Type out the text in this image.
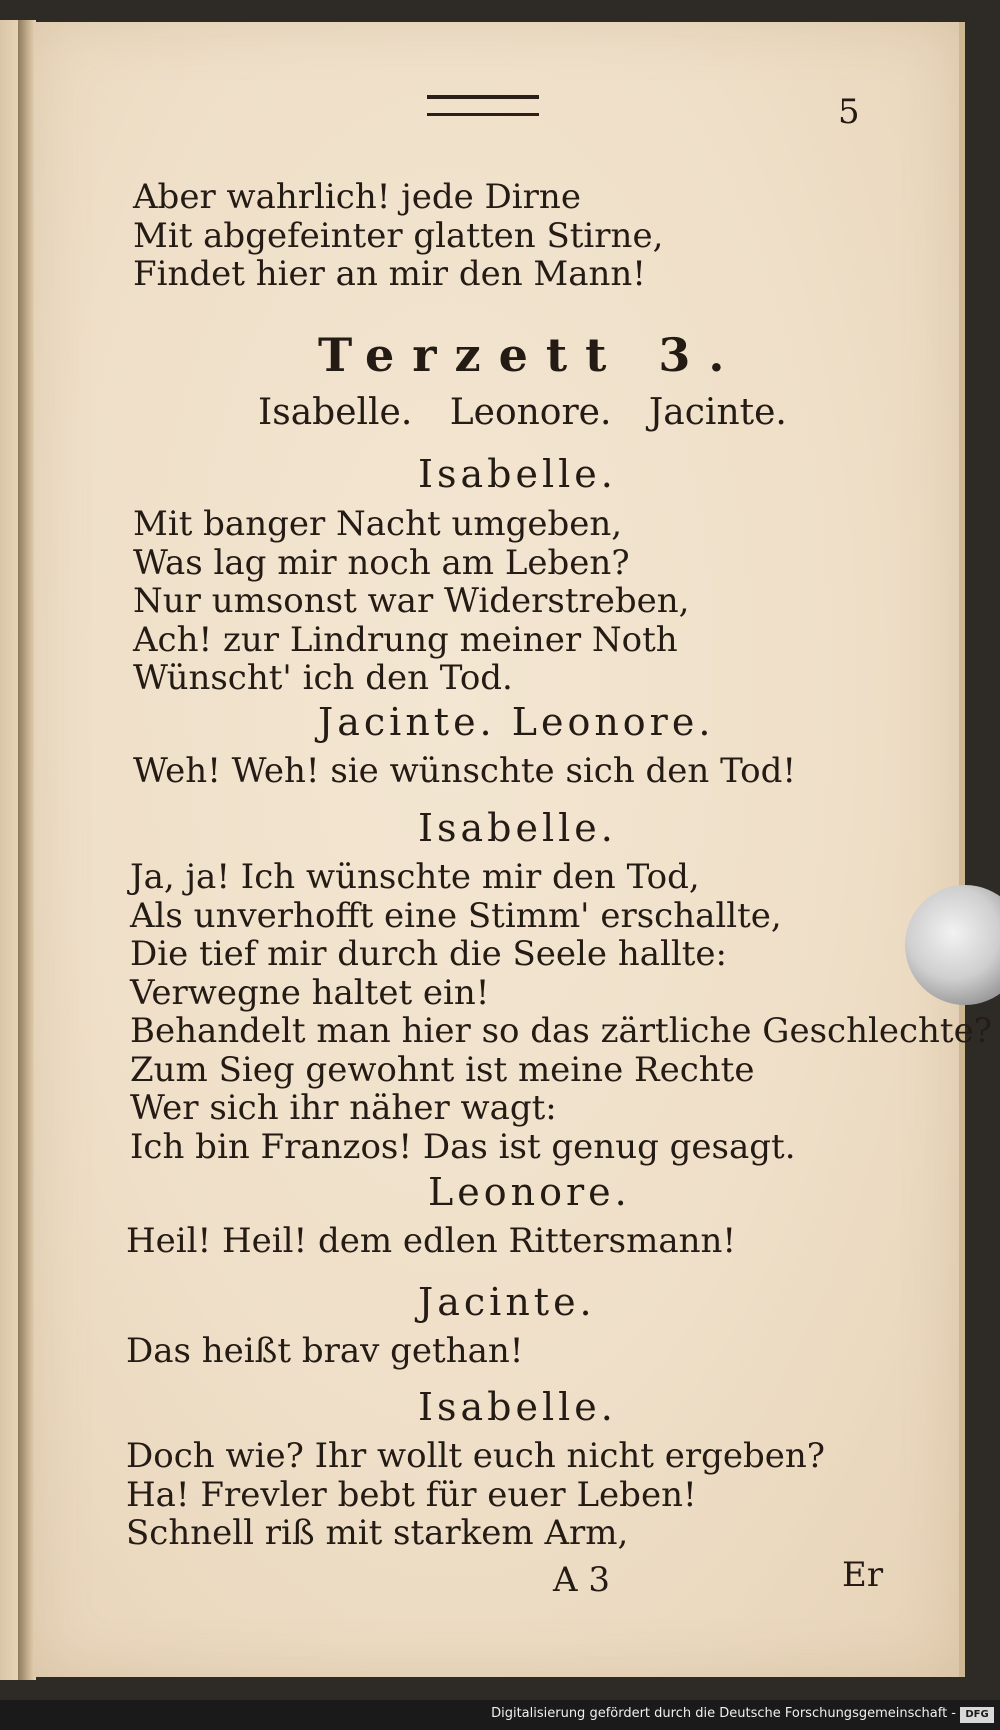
5
Aber wahrlich! jede Dirne
Mit abgefeinter glatten Stirne,
Findet hier an mir den Mann!
Terzett 3.
Isabelle. Leonore. Jacinte.
Isabelle.
Mit banger Nacht umgeben,
Was lag mir noch am Leben?
Nur umsonst war Widerstreben,
Ach! zur Lindrung meiner Noth
Wünscht' ich den Tod.
Jacinte. Leonore.
Weh! Weh! sie wünschte sich den Tod!
Isabelle.
Ja, ja! Ich wünschte mir den Tod,
Als unverhofft eine Stimm' erschallte,
Die tief mir durch die Seele hallte:
Verwegne haltet ein!
Behandelt man hier so das zärtliche Geschlechte?
Zum Sieg gewohnt ist meine Rechte
Wer sich ihr näher wagt:
Ich bin Franzos! Das ist genug gesagt.
Leonore.
Heil! Heil! dem edlen Rittersmann!
Jacinte.
Das heißt brav gethan!
Isabelle.
Doch wie? Ihr wollt euch nicht ergeben?
Ha! Frevler bebt für euer Leben!
Schnell riß mit starkem Arm,
A 3	Er
Digitalisierung gefördert durch die Deutsche Forschungsgemeinschaft - DFG
